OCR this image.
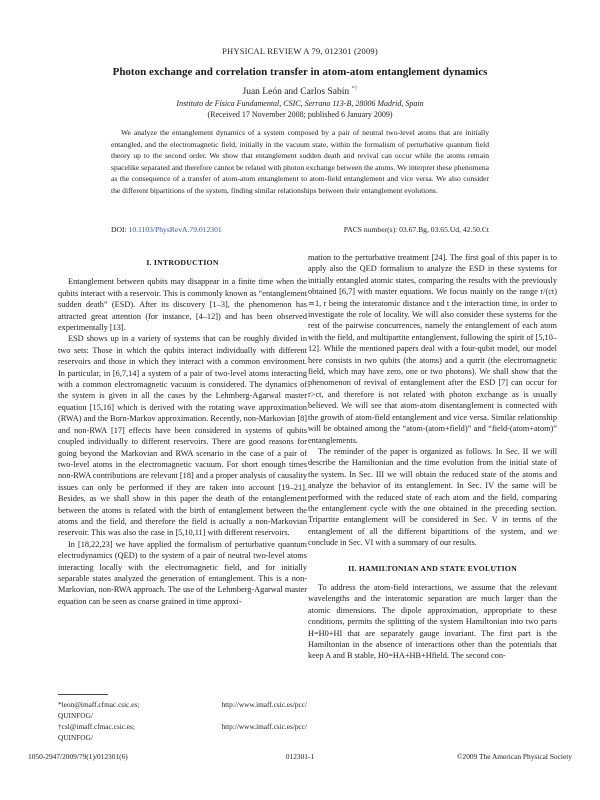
PHYSICAL REVIEW A 79, 012301 (2009)
Photon exchange and correlation transfer in atom-atom entanglement dynamics
Juan León and Carlos Sabín *†
Instituto de Física Fundamental, CSIC, Serrano 113-B, 28006 Madrid, Spain
(Received 17 November 2008; published 6 January 2009)
We analyze the entanglement dynamics of a system composed by a pair of neutral two-level atoms that are initially entangled, and the electromagnetic field, initially in the vacuum state, within the formalism of perturbative quantum field theory up to the second order. We show that entanglement sudden death and revival can occur while the atoms remain spacelike separated and therefore cannot be related with photon exchange between the atoms. We interpret these phenomena as the consequence of a transfer of atom-atom entanglement to atom-field entanglement and vice versa. We also consider the different bipartitions of the system, finding similar relationships between their entanglement evolutions.
DOI: 10.1103/PhysRevA.79.012301	PACS number(s): 03.67.Bg, 03.65.Ud, 42.50.Ct
I. INTRODUCTION

Entanglement between qubits may disappear in a finite time when the qubits interact with a reservoir. This is commonly known as “entanglement sudden death” (ESD). After its discovery [1–3], the phenomenon has attracted great attention (for instance, [4–12]) and has been observed experimentally [13].

ESD shows up in a variety of systems that can be roughly divided in two sets: Those in which the qubits interact individually with different reservoirs and those in which they interact with a common environment. In particular, in [6,7,14] a system of a pair of two-level atoms interacting with a common electromagnetic vacuum is considered. The dynamics of the system is given in all the cases by the Lehmberg-Agarwal master equation [15,16] which is derived with the rotating wave approximation (RWA) and the Born-Markov approximation. Recently, non-Markovian [8] and non-RWA [17] effects have been considered in systems of qubits coupled individually to different reservoirs. There are good reasons for going beyond the Markovian and RWA scenario in the case of a pair of two-level atoms in the electromagnetic vacuum. For short enough times non-RWA contributions are relevant [18] and a proper analysis of causality issues can only be performed if they are taken into account [19–21]. Besides, as we shall show in this paper the death of the entanglement between the atoms is related with the birth of entanglement between the atoms and the field, and therefore the field is actually a non-Markovian reservoir. This was also the case in [5,10,11] with different reservoirs.

In [18,22,23] we have applied the formalism of perturbative quantum electrodynamics (QED) to the system of a pair of neutral two-level atoms interacting locally with the electromagnetic field, and for initially separable states analyzed the generation of entanglement. This is a non-Markovian, non-RWA approach. The use of the Lehmberg-Agarwal master equation can be seen as coarse grained in time approxi-

mation to the perturbative treatment [24]. The first goal of this paper is to apply also the QED formalism to analyze the ESD in these systems for initially entangled atomic states, comparing the results with the previously obtained [6,7] with master equations. We focus mainly on the range r/(ct) ≃1, r being the interatomic distance and t the interaction time, in order to investigate the role of locality. We will also consider these systems for the rest of the pairwise concurrences, namely the entanglement of each atom with the field, and multipartite entanglement, following the spirit of [5,10–12]. While the mentioned papers deal with a four-qubit model, our model here consists in two qubits (the atoms) and a qutrit (the electromagnetic field, which may have zero, one or two photons). We shall show that the phenomenon of revival of entanglement after the ESD [7] can occur for r>ct, and therefore is not related with photon exchange as is usually believed. We will see that atom-atom disentanglement is connected with the growth of atom-field entanglement and vice versa. Similar relationship will be obtained among the “atom-(atom+field)” and “field-(atom+atom)” entanglements.

The reminder of the paper is organized as follows. In Sec. II we will describe the Hamiltonian and the time evolution from the initial state of the system. In Sec. III we will obtain the reduced state of the atoms and analyze the behavior of its entanglement. In Sec. IV the same will be performed with the reduced state of each atom and the field, comparing the entanglement cycle with the one obtained in the preceding section. Tripartite entanglement will be considered in Sec. V in terms of the entanglement of all the different bipartitions of the system, and we conclude in Sec. VI with a summary of our results.

II. HAMILTONIAN AND STATE EVOLUTION

To address the atom-field interactions, we assume that the relevant wavelengths and the interatomic separation are much larger than the atomic dimensions. The dipole approximation, appropriate to these conditions, permits the splitting of the system Hamiltonian into two parts H=H0+HI that are separately gauge invariant. The first part is the Hamiltonian in the absence of interactions other than the potentials that keep A and B stable, H0=HA+HB+Hfield. The second con-

*leon@imaff.cfmac.csic.es;	http://www.imaff.csic.es/pcc/
QUINFOG/
†csl@imaff.cfmac.csic.es;	http://www.imaff.csic.es/pcc/
QUINFOG/
1050-2947/2009/79(1)/012301(6)	012301-1	©2009 The American Physical Society
